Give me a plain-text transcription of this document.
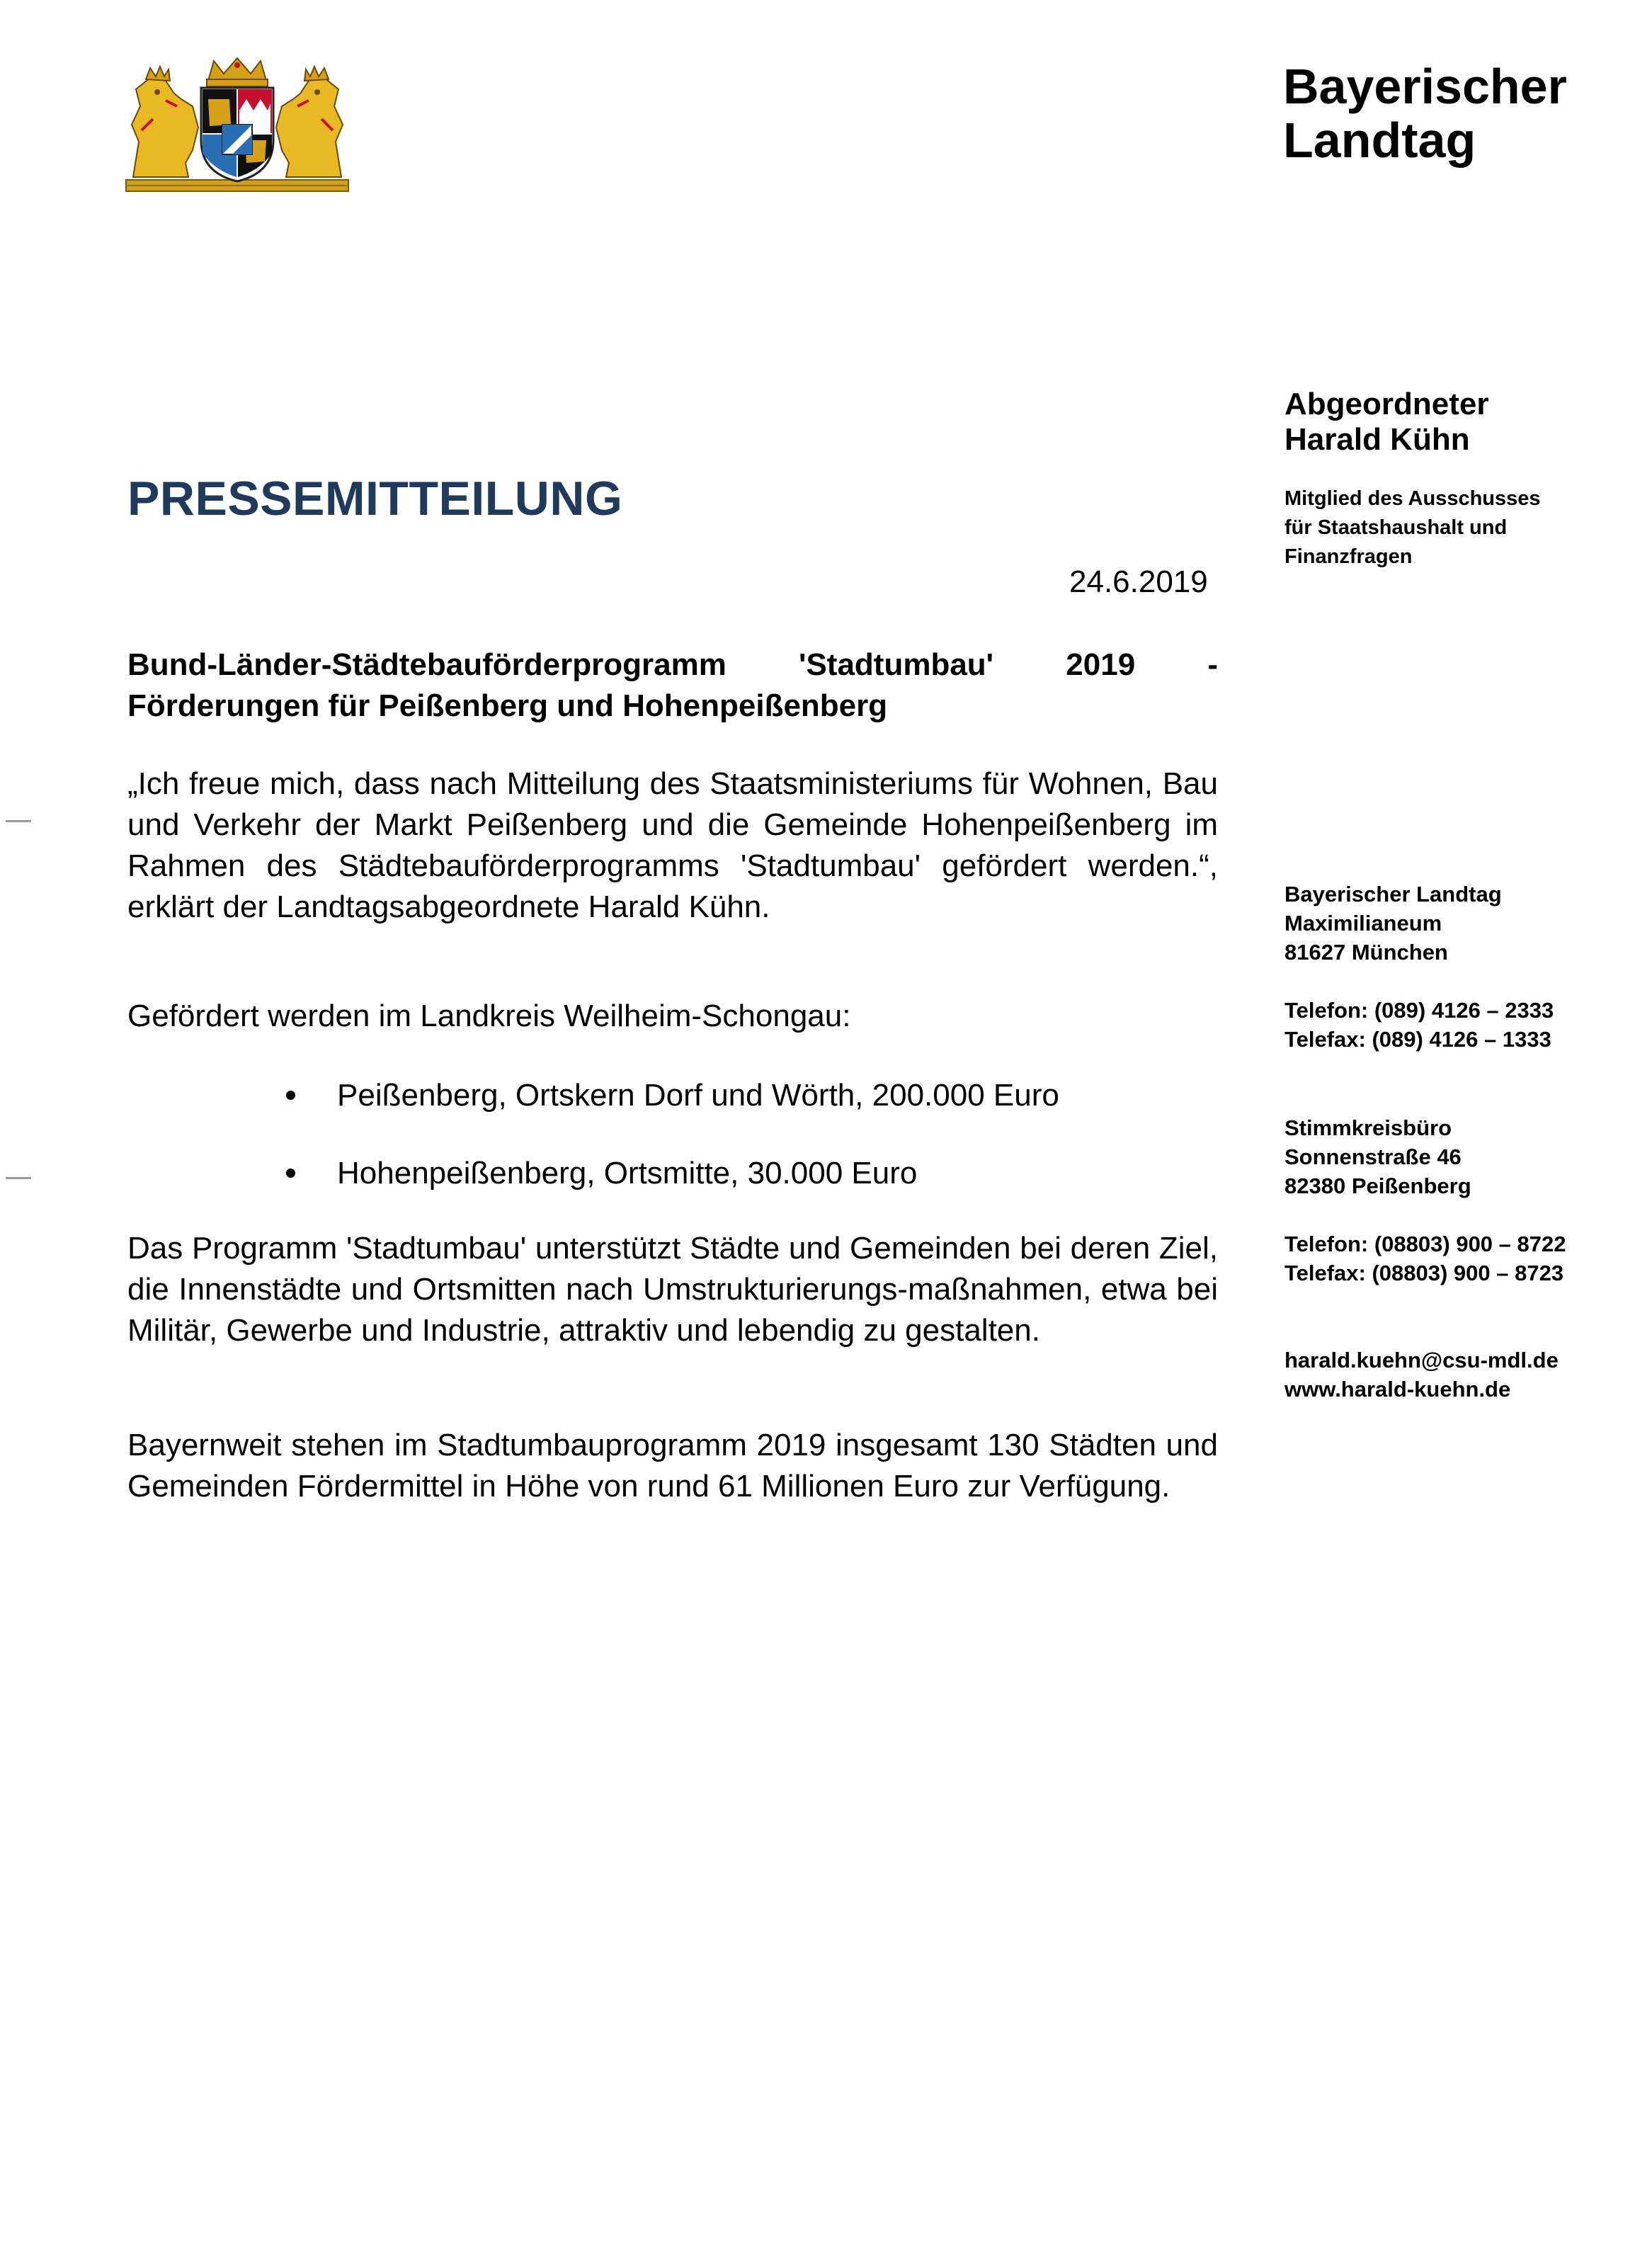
Bayerischer
Landtag
Abgeordneter
Harald Kühn
Mitglied des Ausschusses
für Staatshaushalt und
Finanzfragen
PRESSEMITTEILUNG
24.6.2019
Bund-Länder-Städtebauförderprogramm 'Stadtumbau' 2019 -
Förderungen für Peißenberg und Hohenpeißenberg
„Ich freue mich, dass nach Mitteilung des Staatsministeriums für Wohnen, Bau und Verkehr der Markt Peißenberg und die Gemeinde Hohenpeißenberg im Rahmen des Städtebauförderprogramms 'Stadtumbau' gefördert werden.“, erklärt der Landtagsabgeordnete Harald Kühn.
Gefördert werden im Landkreis Weilheim-Schongau:
Peißenberg, Ortskern Dorf und Wörth, 200.000 Euro
Hohenpeißenberg, Ortsmitte, 30.000 Euro
Das Programm 'Stadtumbau' unterstützt Städte und Gemeinden bei deren Ziel, die Innenstädte und Ortsmitten nach Umstrukturierungs-maßnahmen, etwa bei Militär, Gewerbe und Industrie, attraktiv und lebendig zu gestalten.
Bayernweit stehen im Stadtumbauprogramm 2019 insgesamt 130 Städten und Gemeinden Fördermittel in Höhe von rund 61 Millionen Euro zur Verfügung.
Bayerischer Landtag
Maximilianeum
81627 München
Telefon: (089) 4126 – 2333
Telefax: (089) 4126 – 1333
Stimmkreisbüro
Sonnenstraße 46
82380 Peißenberg
Telefon: (08803) 900 – 8722
Telefax: (08803) 900 – 8723
harald.kuehn@csu-mdl.de
www.harald-kuehn.de
